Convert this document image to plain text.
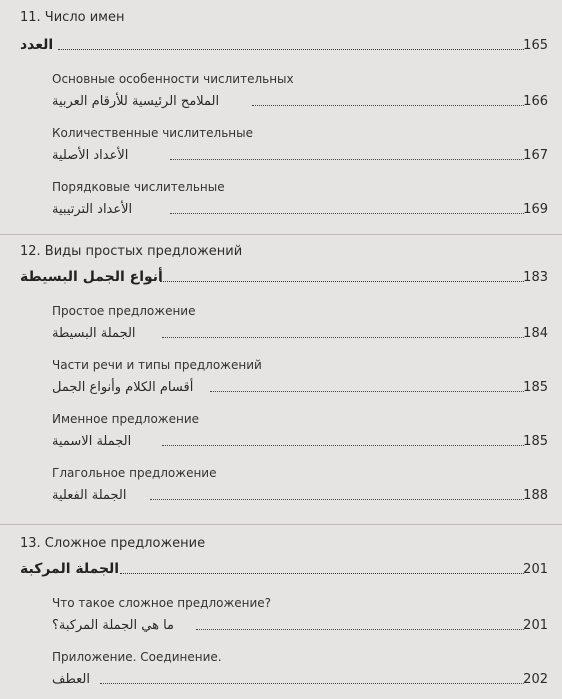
11. Число имен
العدد	165
Основные особенности числительных
الملامح الرئيسية للأرقام العربية	166
Количественные числительные
الأعداد الأصلية	167
Порядковые числительные
الأعداد الترتيبية	169
12. Виды простых предложений
أنواع الجمل البسيطة	183
Простое предложение
الجملة البسيطة	184
Части речи и типы предложений
أقسام الكلام وأنواع الجمل	185
Именное предложение
الجملة الاسمية	185
Глагольное предложение
الجملة الفعلية	188
13. Сложное предложение
الجملة المركبة	201
Что такое сложное предложение?
ما هي الجملة المركبة؟	201
Приложение. Соединение.
العطف	202
